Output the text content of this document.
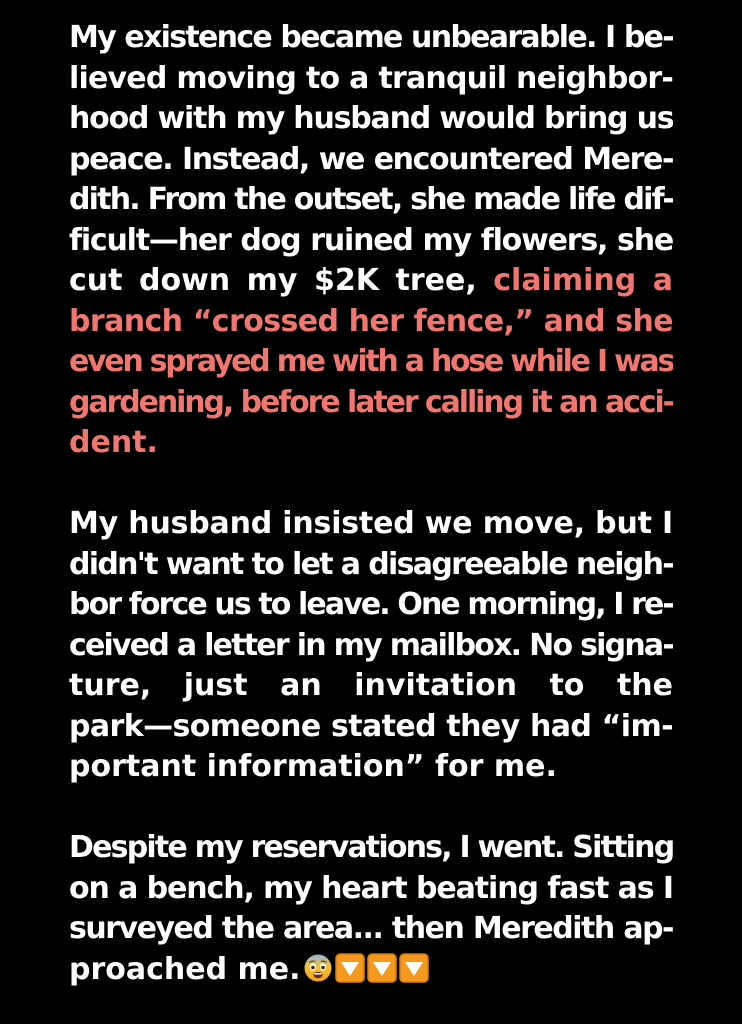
My existence became unbearable. I be-
lieved moving to a tranquil neighbor-
hood with my husband would bring us
peace. Instead, we encountered Mere-
dith. From the outset, she made life dif-
ficult—her dog ruined my flowers, she
cut down my $2K tree, claiming a
branch “crossed her fence,” and she
even sprayed me with a hose while I was
gardening, before later calling it an acci-
dent.
My husband insisted we move, but I
didn't want to let a disagreeable neigh-
bor force us to leave. One morning, I re-
ceived a letter in my mailbox. No signa-
ture, just an invitation to the
park—someone stated they had “im-
portant information” for me.
Despite my reservations, I went. Sitting
on a bench, my heart beating fast as I
surveyed the area... then Meredith ap-
proached me.
